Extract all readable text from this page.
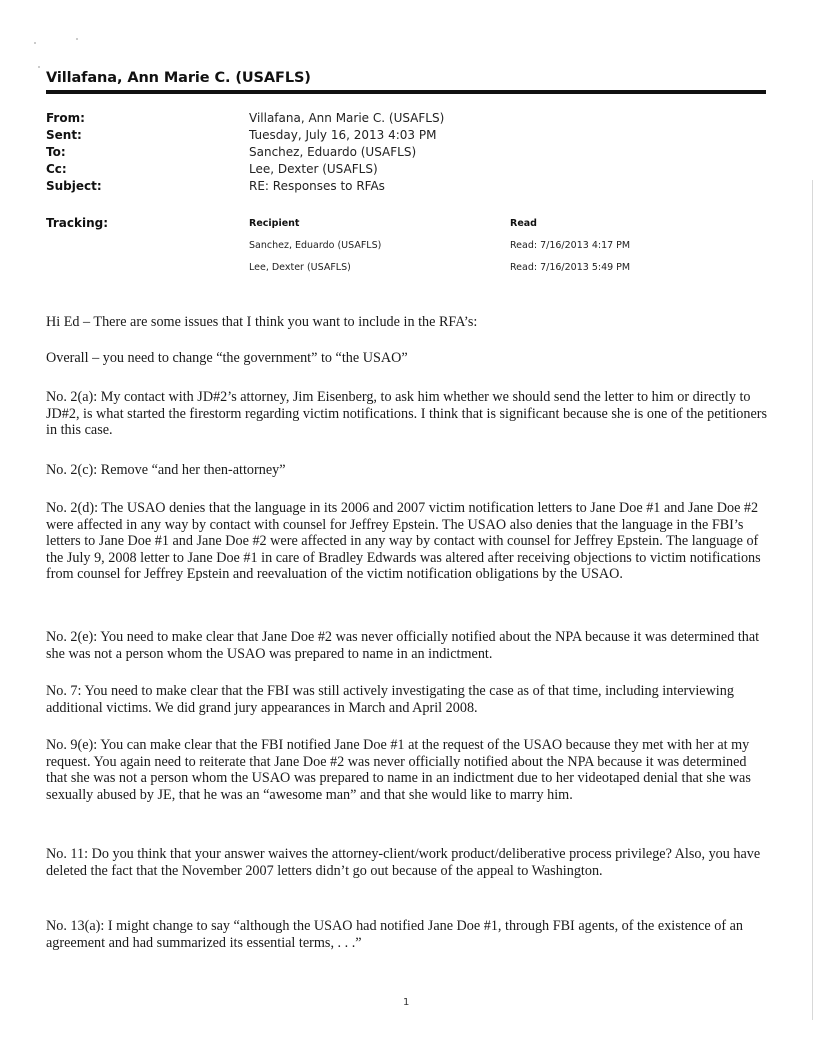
Villafana, Ann Marie C. (USAFLS)
From:	Villafana, Ann Marie C. (USAFLS)
Sent:	Tuesday, July 16, 2013 4:03 PM
To:	Sanchez, Eduardo (USAFLS)
Cc:	Lee, Dexter (USAFLS)
Subject:	RE: Responses to RFAs
Tracking:	Recipient	Read
Sanchez, Eduardo (USAFLS)	Read: 7/16/2013 4:17 PM
Lee, Dexter (USAFLS)	Read: 7/16/2013 5:49 PM

Hi Ed – There are some issues that I think you want to include in the RFA’s:

Overall – you need to change “the government” to “the USAO”

No. 2(a): My contact with JD#2’s attorney, Jim Eisenberg, to ask him whether we should send the letter to him or directly to JD#2, is what started the firestorm regarding victim notifications. I think that is significant because she is one of the petitioners in this case.

No. 2(c): Remove “and her then-attorney”

No. 2(d): The USAO denies that the language in its 2006 and 2007 victim notification letters to Jane Doe #1 and Jane Doe #2 were affected in any way by contact with counsel for Jeffrey Epstein. The USAO also denies that the language in the FBI’s letters to Jane Doe #1 and Jane Doe #2 were affected in any way by contact with counsel for Jeffrey Epstein. The language of the July 9, 2008 letter to Jane Doe #1 in care of Bradley Edwards was altered after receiving objections to victim notifications from counsel for Jeffrey Epstein and reevaluation of the victim notification obligations by the USAO.

No. 2(e): You need to make clear that Jane Doe #2 was never officially notified about the NPA because it was determined that she was not a person whom the USAO was prepared to name in an indictment.

No. 7: You need to make clear that the FBI was still actively investigating the case as of that time, including interviewing additional victims. We did grand jury appearances in March and April 2008.

No. 9(e): You can make clear that the FBI notified Jane Doe #1 at the request of the USAO because they met with her at my request. You again need to reiterate that Jane Doe #2 was never officially notified about the NPA because it was determined that she was not a person whom the USAO was prepared to name in an indictment due to her videotaped denial that she was sexually abused by JE, that he was an “awesome man” and that she would like to marry him.

No. 11: Do you think that your answer waives the attorney-client/work product/deliberative process privilege? Also, you have deleted the fact that the November 2007 letters didn’t go out because of the appeal to Washington.

No. 13(a): I might change to say “although the USAO had notified Jane Doe #1, through FBI agents, of the existence of an agreement and had summarized its essential terms, . . .”

1
